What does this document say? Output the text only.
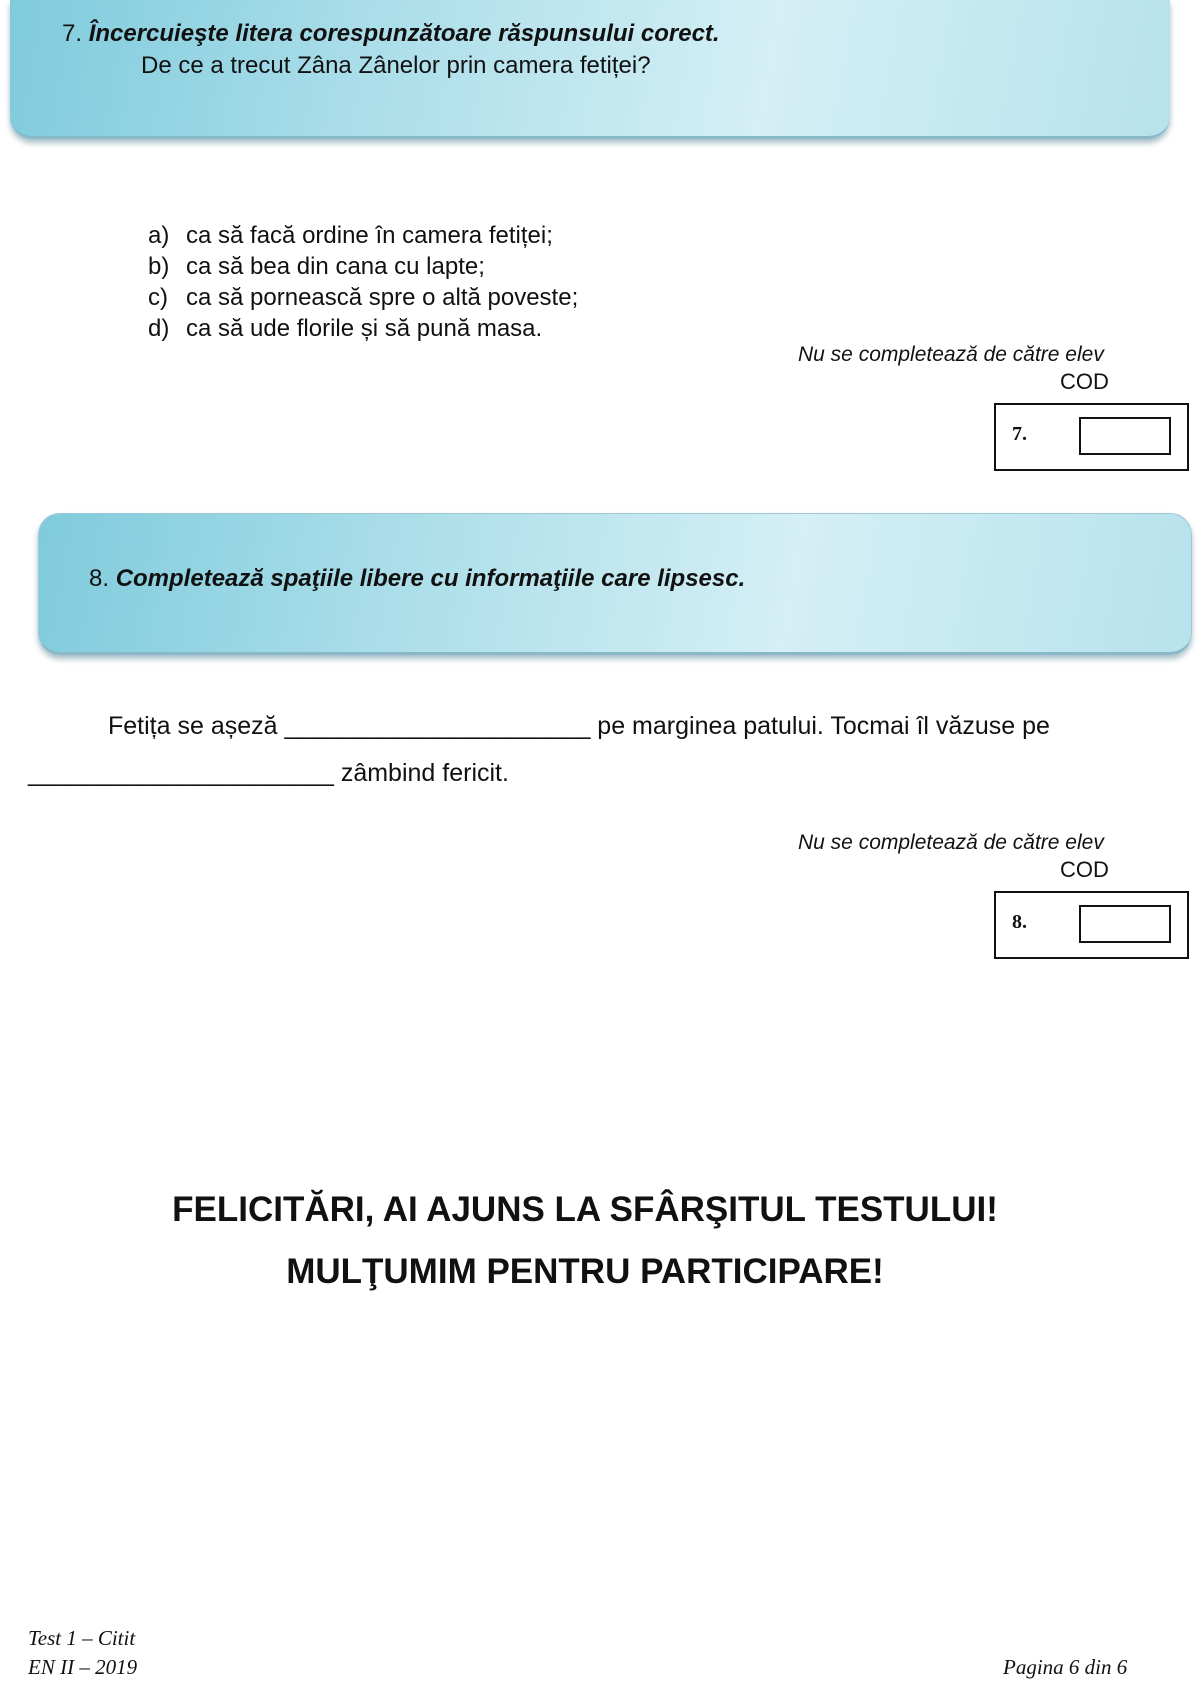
7. Încercuieşte litera corespunzătoare răspunsului corect.
De ce a trecut Zâna Zânelor prin camera fetiței?
a) ca să facă ordine în camera fetiței;
b) ca să bea din cana cu lapte;
c) ca să pornească spre o altă poveste;
d) ca să ude florile și să pună masa.
Nu se completează de către elev
COD
7.
8. Completează spaţiile libere cu informaţiile care lipsesc.
Fetița se așeză ______________________ pe marginea patului. Tocmai îl văzuse pe
______________________ zâmbind fericit.
Nu se completează de către elev
COD
8.
FELICITĂRI, AI AJUNS LA SFÂRŞITUL TESTULUI!
MULŢUMIM PENTRU PARTICIPARE!
Test 1 – Citit
EN II – 2019	Pagina 6 din 6
